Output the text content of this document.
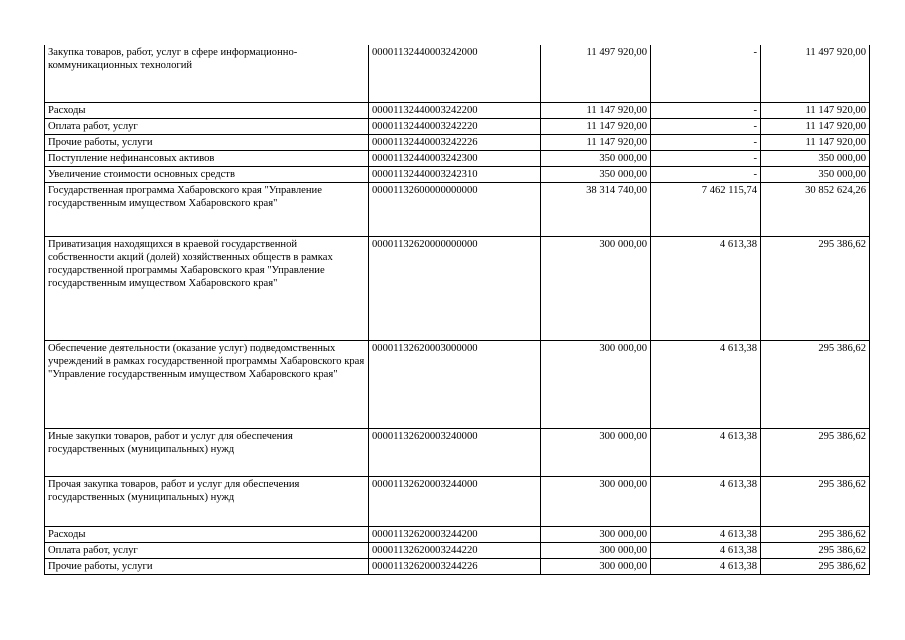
Закупка товаров, работ, услуг в сфере информационно-коммуникационных технологий	00001132440003242000	11 497 920,00	-	11 497 920,00
Расходы	00001132440003242200	11 147 920,00	-	11 147 920,00
Оплата работ, услуг	00001132440003242220	11 147 920,00	-	11 147 920,00
Прочие работы, услуги	00001132440003242226	11 147 920,00	-	11 147 920,00
Поступление нефинансовых активов	00001132440003242300	350 000,00	-	350 000,00
Увеличение стоимости основных средств	00001132440003242310	350 000,00	-	350 000,00
Государственная программа Хабаровского края "Управление государственным имуществом Хабаровского края"	00001132600000000000	38 314 740,00	7 462 115,74	30 852 624,26
Приватизация находящихся в краевой государственной собственности акций (долей) хозяйственных обществ в рамках государственной программы Хабаровского края "Управление государственным имуществом Хабаровского края"	00001132620000000000	300 000,00	4 613,38	295 386,62
Обеспечение деятельности (оказание услуг) подведомственных учреждений в рамках государственной программы Хабаровского края "Управление государственным имуществом Хабаровского края"	00001132620003000000	300 000,00	4 613,38	295 386,62
Иные закупки товаров, работ и услуг для обеспечения государственных (муниципальных) нужд	00001132620003240000	300 000,00	4 613,38	295 386,62
Прочая закупка товаров, работ и услуг для обеспечения государственных (муниципальных) нужд	00001132620003244000	300 000,00	4 613,38	295 386,62
Расходы	00001132620003244200	300 000,00	4 613,38	295 386,62
Оплата работ, услуг	00001132620003244220	300 000,00	4 613,38	295 386,62
Прочие работы, услуги	00001132620003244226	300 000,00	4 613,38	295 386,62
